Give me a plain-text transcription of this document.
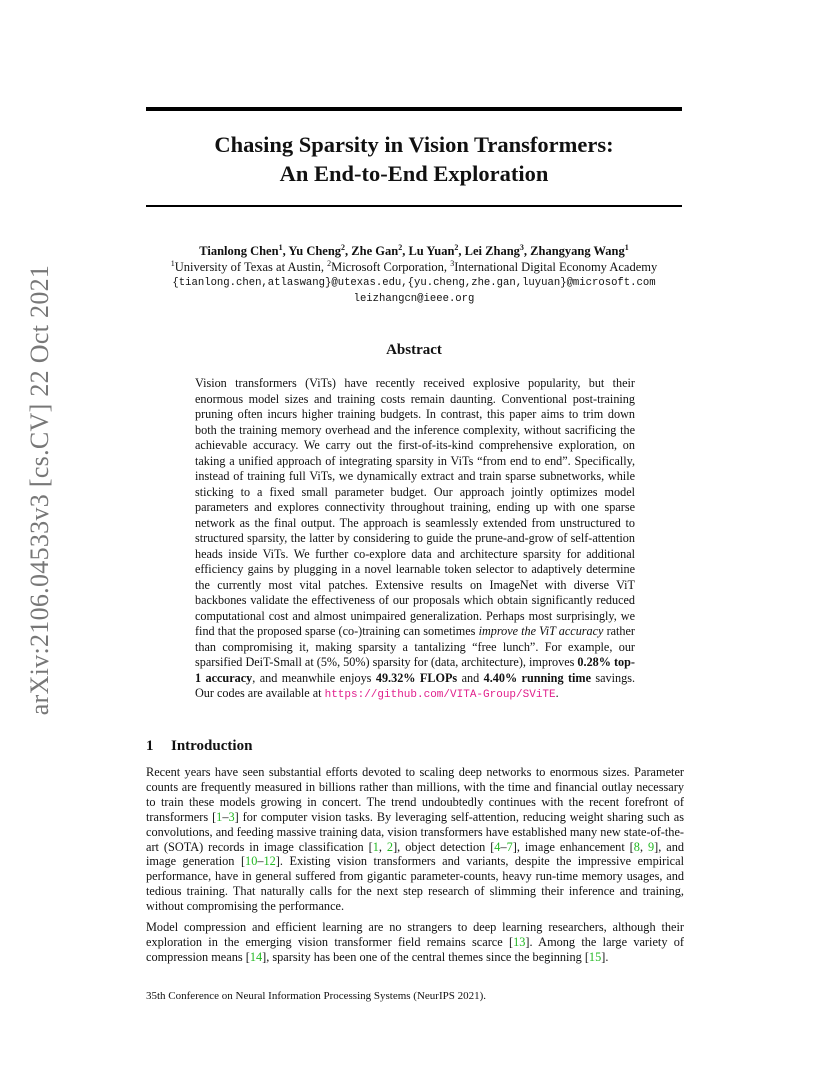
arXiv:2106.04533v3 [cs.CV] 22 Oct 2021
Chasing Sparsity in Vision Transformers:
An End-to-End Exploration
Tianlong Chen$^1$, Yu Cheng$^2$, Zhe Gan$^2$, Lu Yuan$^2$, Lei Zhang$^3$, Zhangyang Wang$^1$
$^1$University of Texas at Austin, $^2$Microsoft Corporation, $^3$International Digital Economy Academy
{tianlong.chen,atlaswang}@utexas.edu,{yu.cheng,zhe.gan,luyuan}@microsoft.com
leizhangcn@ieee.org
Abstract
Vision transformers (ViTs) have recently received explosive popularity, but their enormous model sizes and training costs remain daunting. Conventional post-training pruning often incurs higher training budgets. In contrast, this paper aims to trim down both the training memory overhead and the inference complexity, without sacrificing the achievable accuracy. We carry out the first-of-its-kind comprehensive exploration, on taking a unified approach of integrating sparsity in ViTs “from end to end”. Specifically, instead of training full ViTs, we dynamically extract and train sparse subnetworks, while sticking to a fixed small parameter budget. Our approach jointly optimizes model parameters and explores connectivity throughout training, ending up with one sparse network as the final output. The approach is seamlessly extended from unstructured to structured sparsity, the latter by considering to guide the prune-and-grow of self-attention heads inside ViTs. We further co-explore data and architecture sparsity for additional efficiency gains by plugging in a novel learnable token selector to adaptively determine the currently most vital patches. Extensive results on ImageNet with diverse ViT backbones validate the effectiveness of our proposals which obtain significantly reduced computational cost and almost unimpaired generalization. Perhaps most surprisingly, we find that the proposed sparse (co-)training can sometimes improve the ViT accuracy rather than compromising it, making sparsity a tantalizing “free lunch”. For example, our sparsified DeiT-Small at (5%, 50%) sparsity for (data, architecture), improves 0.28% top-1 accuracy, and meanwhile enjoys 49.32% FLOPs and 4.40% running time savings. Our codes are available at https://github.com/VITA-Group/SViTE.
1 Introduction

Recent years have seen substantial efforts devoted to scaling deep networks to enormous sizes. Parameter counts are frequently measured in billions rather than millions, with the time and financial outlay necessary to train these models growing in concert. The trend undoubtedly continues with the recent forefront of transformers [1–3] for computer vision tasks. By leveraging self-attention, reducing weight sharing such as convolutions, and feeding massive training data, vision transformers have established many new state-of-the-art (SOTA) records in image classification [1, 2], object detection [4–7], image enhancement [8, 9], and image generation [10–12]. Existing vision transformers and variants, despite the impressive empirical performance, have in general suffered from gigantic parameter-counts, heavy run-time memory usages, and tedious training. That naturally calls for the next step research of slimming their inference and training, without compromising the performance.

Model compression and efficient learning are no strangers to deep learning researchers, although their exploration in the emerging vision transformer field remains scarce [13]. Among the large variety of compression means [14], sparsity has been one of the central themes since the beginning [15].

35th Conference on Neural Information Processing Systems (NeurIPS 2021).
